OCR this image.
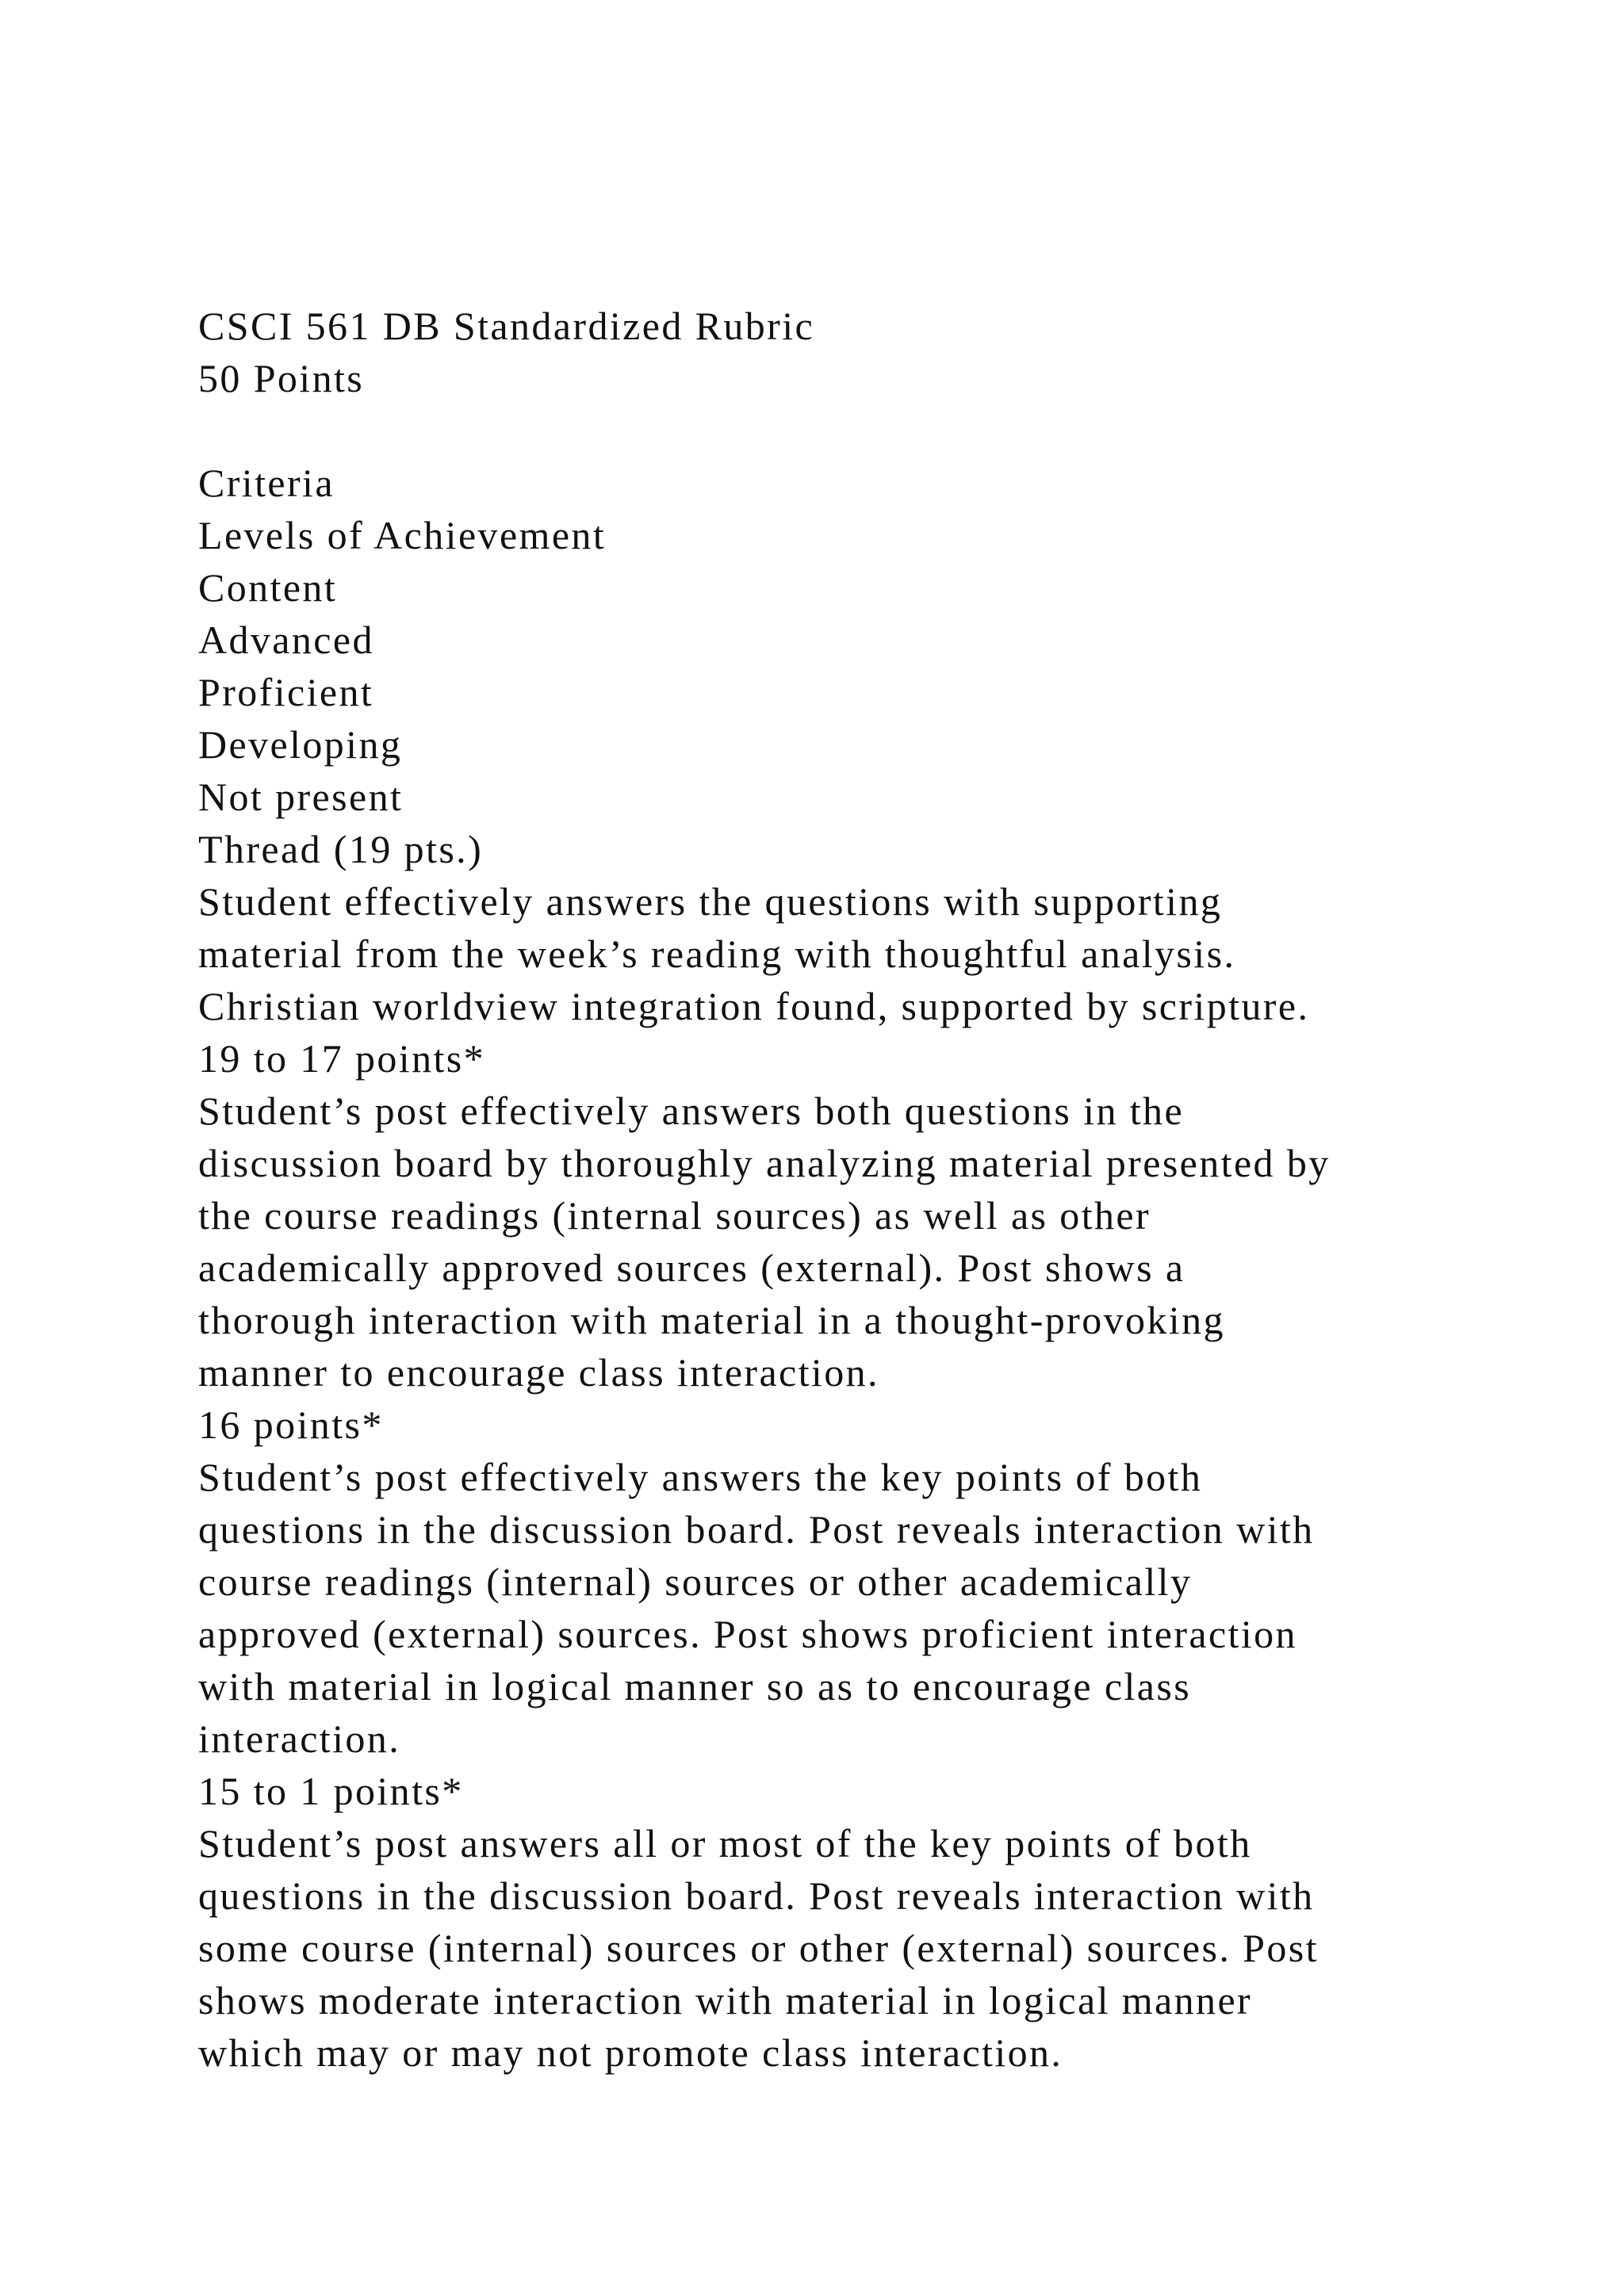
CSCI 561 DB Standardized Rubric
50 Points
Criteria
Levels of Achievement
Content
Advanced
Proficient
Developing
Not present
Thread (19 pts.)
Student effectively answers the questions with supporting
material from the week’s reading with thoughtful analysis.
Christian worldview integration found, supported by scripture.
19 to 17 points*
Student’s post effectively answers both questions in the
discussion board by thoroughly analyzing material presented by
the course readings (internal sources) as well as other
academically approved sources (external). Post shows a
thorough interaction with material in a thought-provoking
manner to encourage class interaction.
16 points*
Student’s post effectively answers the key points of both
questions in the discussion board. Post reveals interaction with
course readings (internal) sources or other academically
approved (external) sources. Post shows proficient interaction
with material in logical manner so as to encourage class
interaction.
15 to 1 points*
Student’s post answers all or most of the key points of both
questions in the discussion board. Post reveals interaction with
some course (internal) sources or other (external) sources. Post
shows moderate interaction with material in logical manner
which may or may not promote class interaction.
